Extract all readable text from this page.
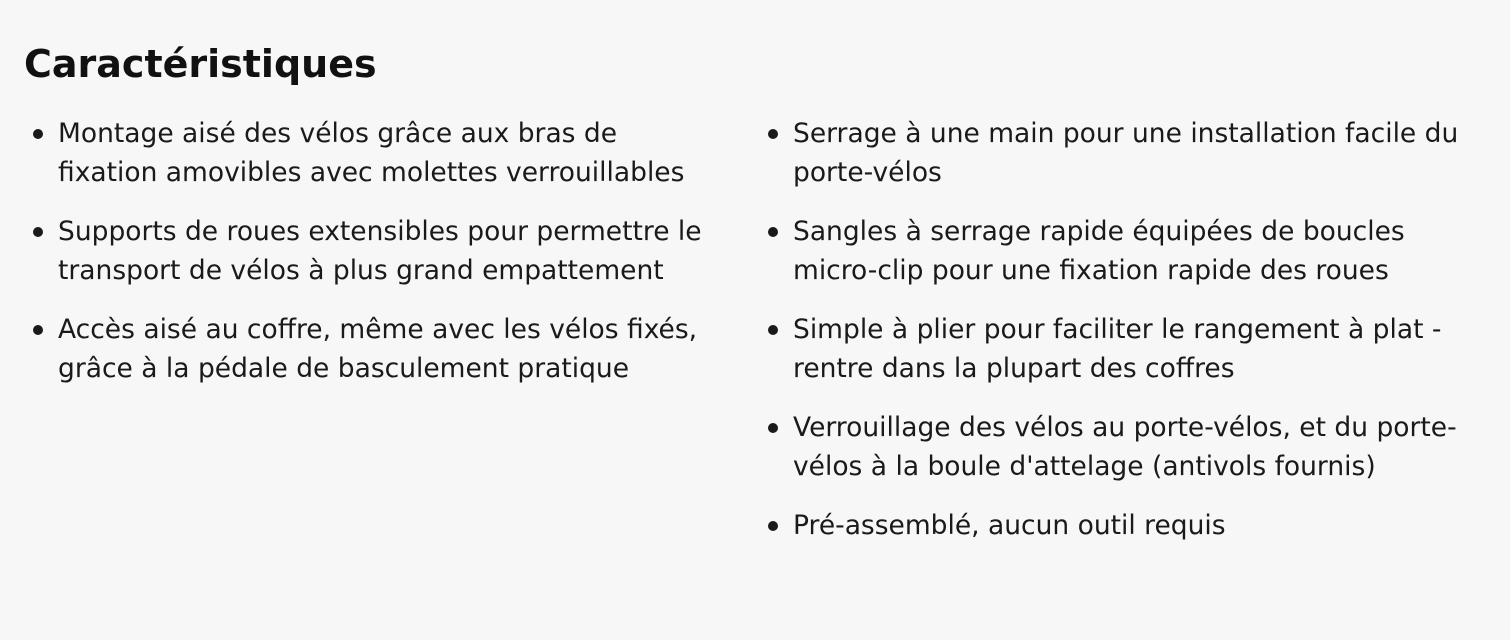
Caractéristiques
Montage aisé des vélos grâce aux bras de fixation amovibles avec molettes verrouillables
Supports de roues extensibles pour permettre le transport de vélos à plus grand empattement
Accès aisé au coffre, même avec les vélos fixés, grâce à la pédale de basculement pratique
Serrage à une main pour une installation facile du porte-vélos
Sangles à serrage rapide équipées de boucles micro-clip pour une fixation rapide des roues
Simple à plier pour faciliter le rangement à plat - rentre dans la plupart des coffres
Verrouillage des vélos au porte-vélos, et du porte-vélos à la boule d'attelage (antivols fournis)
Pré-assemblé, aucun outil requis
